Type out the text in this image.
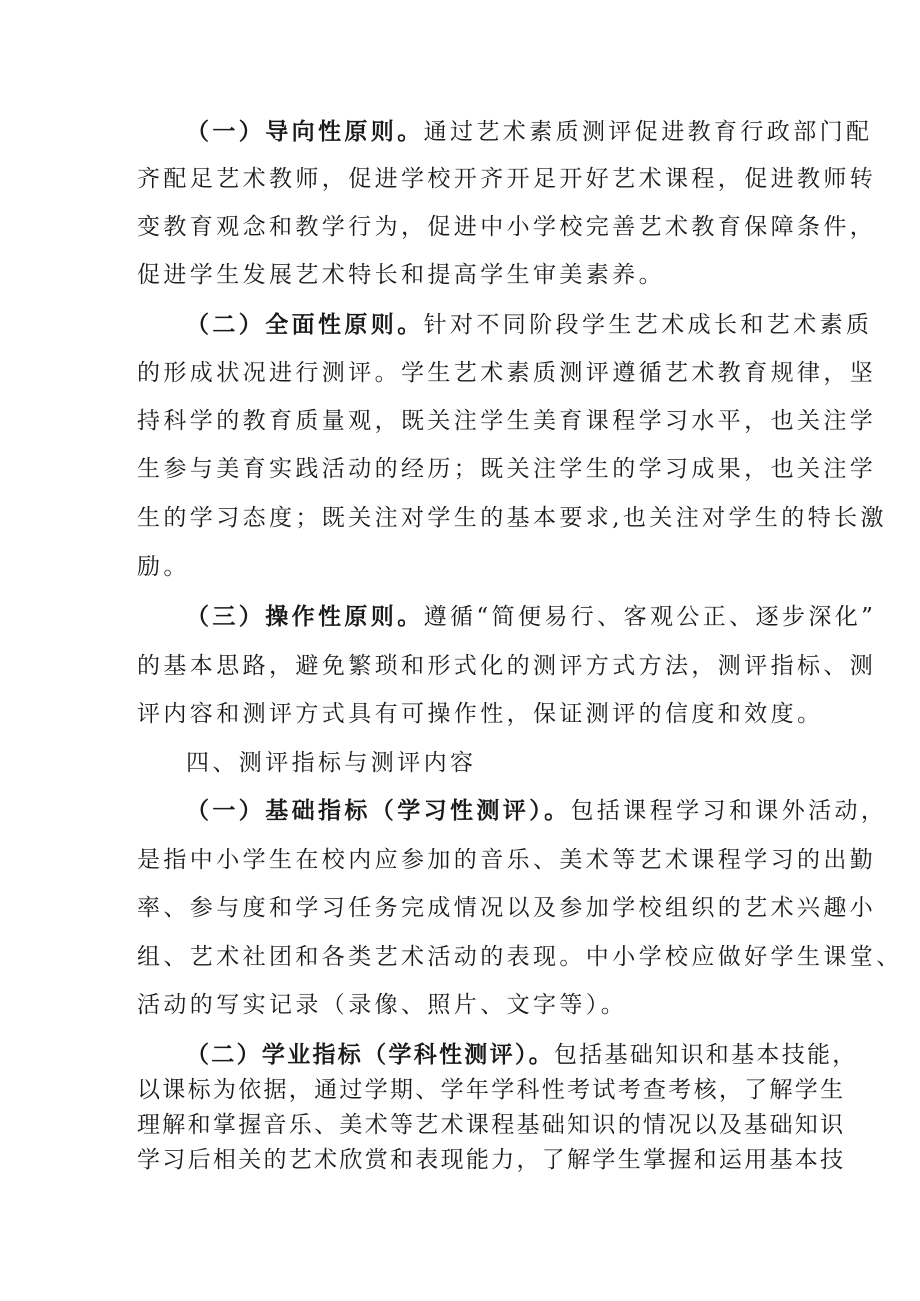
（一）导向性原则。通过艺术素质测评促进教育行政部门配
齐配足艺术教师，促进学校开齐开足开好艺术课程，促进教师转
变教育观念和教学行为，促进中小学校完善艺术教育保障条件，
促进学生发展艺术特长和提高学生审美素养。
（二）全面性原则。针对不同阶段学生艺术成长和艺术素质
的形成状况进行测评。学生艺术素质测评遵循艺术教育规律，坚
持科学的教育质量观，既关注学生美育课程学习水平，也关注学
生参与美育实践活动的经历；既关注学生的学习成果，也关注学
生的学习态度；既关注对学生的基本要求,也关注对学生的特长激
励。
（三）操作性原则。遵循“简便易行、客观公正、逐步深化”
的基本思路，避免繁琐和形式化的测评方式方法，测评指标、测
评内容和测评方式具有可操作性，保证测评的信度和效度。
四、测评指标与测评内容
（一）基础指标（学习性测评）。包括课程学习和课外活动，
是指中小学生在校内应参加的音乐、美术等艺术课程学习的出勤
率、参与度和学习任务完成情况以及参加学校组织的艺术兴趣小
组、艺术社团和各类艺术活动的表现。中小学校应做好学生课堂、
活动的写实记录（录像、照片、文字等）。
（二）学业指标（学科性测评）。包括基础知识和基本技能，
以课标为依据，通过学期、学年学科性考试考查考核，了解学生
理解和掌握音乐、美术等艺术课程基础知识的情况以及基础知识
学习后相关的艺术欣赏和表现能力，了解学生掌握和运用基本技
